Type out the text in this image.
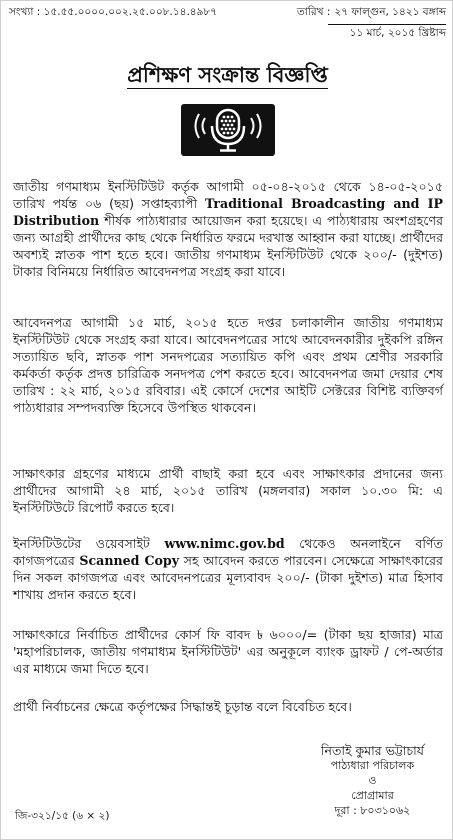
সংখ্যা : ১৫.৫৫.০০০০.০০২.২৫.০০৮.১৪.৪৯৮৭	তারিখ : ২৭ ফাল্গুন, ১৪২১ বঙ্গাব্দ
১১ মার্চ, ২০১৫ খ্রিষ্টাব্দ
প্রশিক্ষণ সংক্রান্ত বিজ্ঞপ্তি

জাতীয় গণমাধ্যম ইনস্টিটিউট কর্তৃক আগামী ০৫-০৪-২০১৫ থেকে ১৪-০৫-২০১৫ তারিখ পর্যন্ত ০৬ (ছয়) সপ্তাহব্যাপী Traditional Broadcasting and IP Distribution শীর্ষক পাঠ্যধারার আয়োজন করা হয়েছে। এ পাঠ্যধারায় অংশগ্রহণের জন্য আগ্রহী প্রার্থীদের কাছ থেকে নির্ধারিত ফরমে দরখাস্ত আহ্বান করা যাচ্ছে। প্রার্থীদের অবশ্যই স্নাতক পাশ হতে হবে। জাতীয় গণমাধ্যম ইনস্টিটিউট থেকে ২০০/- (দুইশত) টাকার বিনিময়ে নির্ধারিত আবেদনপত্র সংগ্রহ করা যাবে।

আবেদনপত্র আগামী ১৫ মার্চ, ২০১৫ হতে দপ্তর চলাকালীন জাতীয় গণমাধ্যম ইনস্টিটিউট থেকে সংগ্রহ করা যাবে। আবেদনপত্রের সাথে আবেদনকারীর দুইকপি রঙ্গিন সত্যায়িত ছবি, স্নাতক পাশ সনদপত্রের সত্যায়িত কপি এবং প্রথম শ্রেণীর সরকারি কর্মকর্তা কর্তৃক প্রদত্ত চারিত্রিক সনদপত্র পেশ করতে হবে। আবেদনপত্র জমা দেয়ার শেষ তারিখ : ২২ মার্চ, ২০১৫ রবিবার। এই কোর্সে দেশের আইটি সেক্টরের বিশিষ্ট ব্যক্তিবর্গ পাঠ্যধারার সম্পদব্যক্তি হিসেবে উপস্থিত থাকবেন।

সাক্ষাৎকার গ্রহণের মাধ্যমে প্রার্থী বাছাই করা হবে এবং সাক্ষাৎকার প্রদানের জন্য প্রার্থীদের আগামী ২৪ মার্চ, ২০১৫ তারিখ (মঙ্গলবার) সকাল ১০.৩০ মি: এ ইনস্টিটিউটে রিপোর্ট করতে হবে।

ইনস্টিটিউটের ওয়েবসাইট www.nimc.gov.bd থেকেও অনলাইনে বর্ণিত কাগজপত্রের Scanned Copy সহ আবেদন করতে পারবেন। সেক্ষেত্রে সাক্ষাৎকারের দিন সকল কাগজপত্র এবং আবেদনপত্রের মূল্যবাবদ ২০০/- (টাকা দুইশত) মাত্র হিসাব শাখায় প্রদান করতে হবে।

সাক্ষাৎকারে নির্বাচিত প্রার্থীদের কোর্স ফি বাবদ ৳ ৬০০০/= (টাকা ছয় হাজার) মাত্র 'মহাপরিচালক, জাতীয় গণমাধ্যম ইনস্টিটিউট' এর অনুকূলে ব্যাংক ড্রাফট / পে-অর্ডার এর মাধ্যমে জমা দিতে হবে।

প্রার্থী নির্বাচনের ক্ষেত্রে কর্তৃপক্ষের সিদ্ধান্তই চূড়ান্ত বলে বিবেচিত হবে।

নিতাই কুমার ভট্টাচার্য
পাঠ্যধারা পরিচালক
ও
প্রোগ্রামার
দূরা : ৮০৩১০৬২
জি-৩২১/১৫ (৬ × ২)
